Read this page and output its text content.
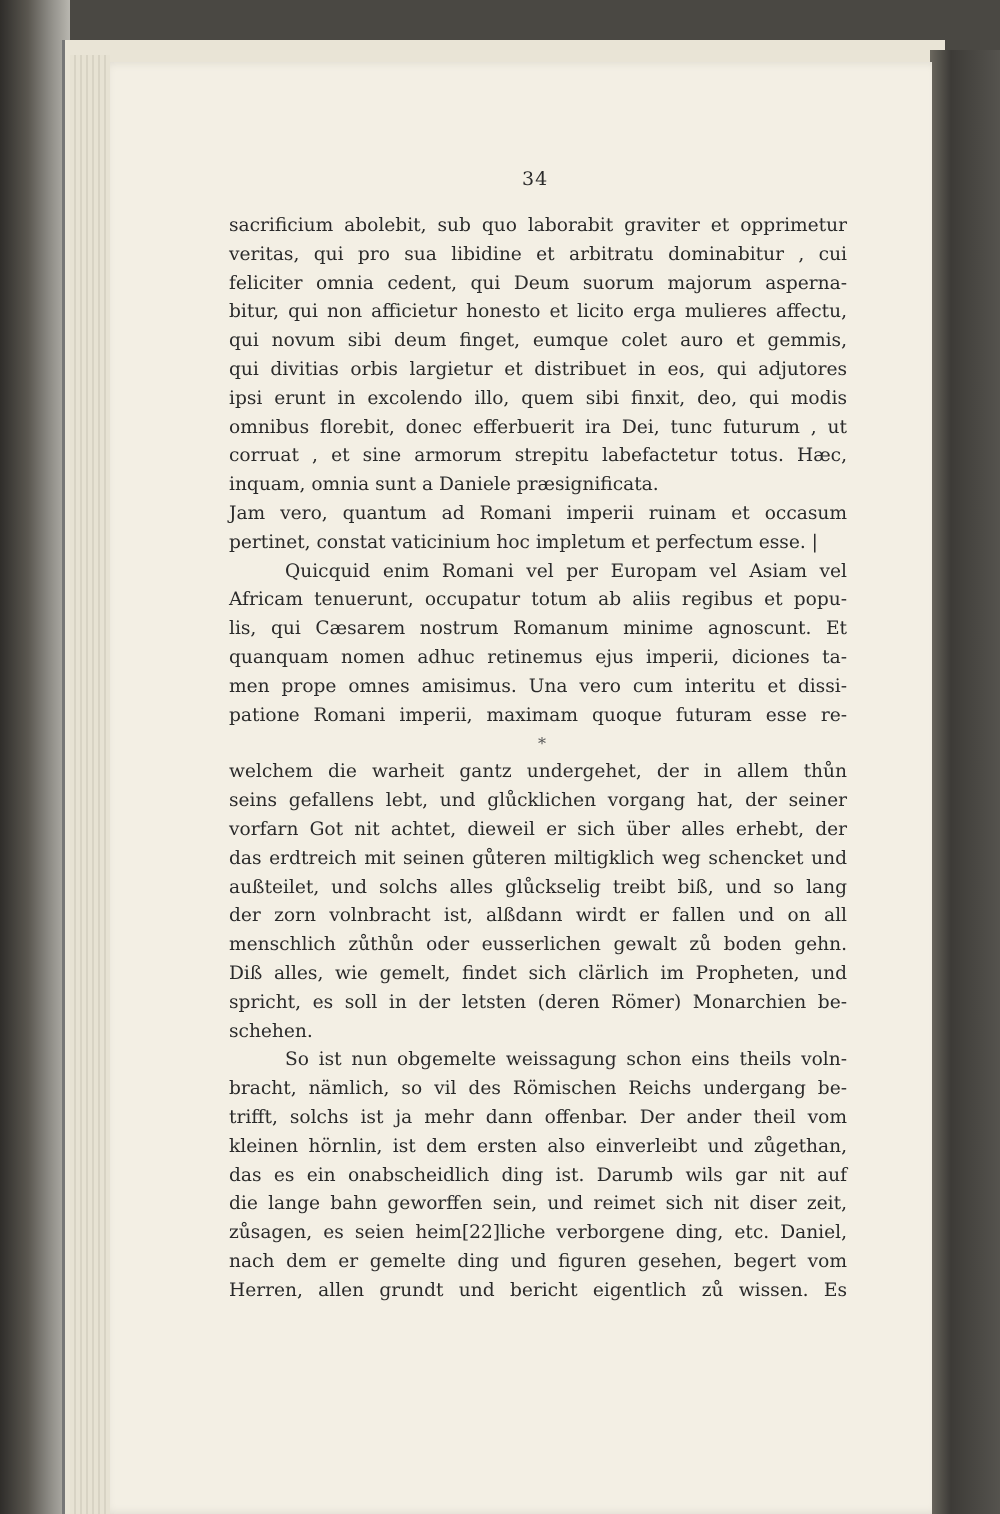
34
sacrificium abolebit, sub quo laborabit graviter et opprimetur
veritas, qui pro sua libidine et arbitratu dominabitur , cui
feliciter omnia cedent, qui Deum suorum majorum asperna-
bitur, qui non afficietur honesto et licito erga mulieres affectu,
qui novum sibi deum finget, eumque colet auro et gemmis,
qui divitias orbis largietur et distribuet in eos, qui adjutores
ipsi erunt in excolendo illo, quem sibi finxit, deo, qui modis
omnibus florebit, donec efferbuerit ira Dei, tunc futurum , ut
corruat , et sine armorum strepitu labefactetur totus. Hæc,
inquam, omnia sunt a Daniele præsignificata.
Jam vero, quantum ad Romani imperii ruinam et occasum
pertinet, constat vaticinium hoc impletum et perfectum esse. |
Quicquid enim Romani vel per Europam vel Asiam vel
Africam tenuerunt, occupatur totum ab aliis regibus et popu-
lis, qui Cæsarem nostrum Romanum minime agnoscunt. Et
quanquam nomen adhuc retinemus ejus imperii, diciones ta-
men prope omnes amisimus. Una vero cum interitu et dissi-
patione Romani imperii, maximam quoque futuram esse re-
*
welchem die warheit gantz undergehet, der in allem thůn
seins gefallens lebt, und glůcklichen vorgang hat, der seiner
vorfarn Got nit achtet, dieweil er sich über alles erhebt, der
das erdtreich mit seinen gůteren miltigklich weg schencket und
außteilet, und solchs alles glůckselig treibt biß, und so lang
der zorn volnbracht ist, alßdann wirdt er fallen und on all
menschlich zůthůn oder eusserlichen gewalt zů boden gehn.
Diß alles, wie gemelt, findet sich clärlich im Propheten, und
spricht, es soll in der letsten (deren Römer) Monarchien be-
schehen.
So ist nun obgemelte weissagung schon eins theils voln-
bracht, nämlich, so vil des Römischen Reichs undergang be-
trifft, solchs ist ja mehr dann offenbar. Der ander theil vom
kleinen hörnlin, ist dem ersten also einverleibt und zůgethan,
das es ein onabscheidlich ding ist. Darumb wils gar nit auf
die lange bahn geworffen sein, und reimet sich nit diser zeit,
zůsagen, es seien heim[22]liche verborgene ding, etc. Daniel,
nach dem er gemelte ding und figuren gesehen, begert vom
Herren, allen grundt und bericht eigentlich zů wissen. Es
